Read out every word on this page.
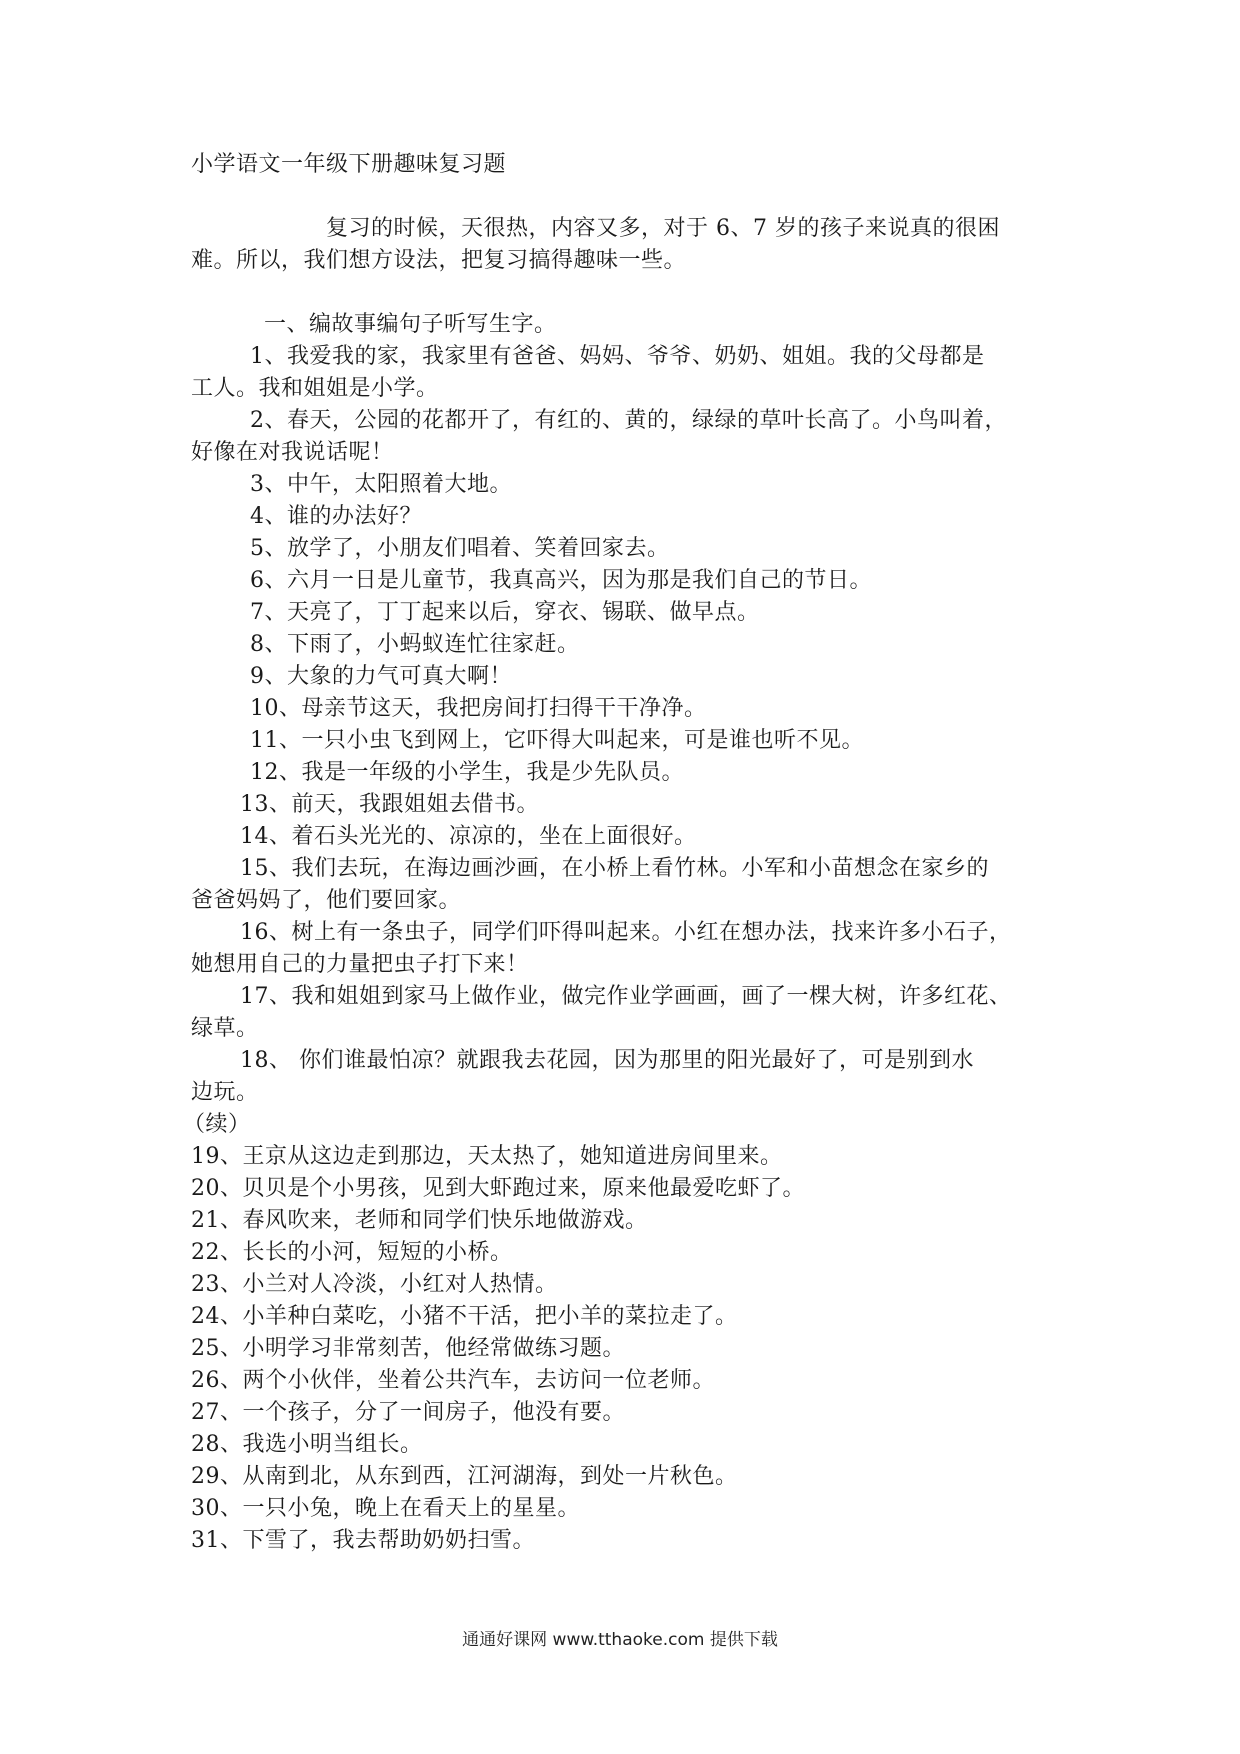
小学语文一年级下册趣味复习题
复习的时候，天很热，内容又多，对于 6、7 岁的孩子来说真的很困
难。所以，我们想方设法，把复习搞得趣味一些。
一、编故事编句子听写生字。
1、我爱我的家，我家里有爸爸、妈妈、爷爷、奶奶、姐姐。我的父母都是
工人。我和姐姐是小学。
2、春天，公园的花都开了，有红的、黄的，绿绿的草叶长高了。小鸟叫着，
好像在对我说话呢！
3、中午，太阳照着大地。
4、谁的办法好？
5、放学了，小朋友们唱着、笑着回家去。
6、六月一日是儿童节，我真高兴，因为那是我们自己的节日。
7、天亮了，丁丁起来以后，穿衣、锡联、做早点。
8、下雨了，小蚂蚁连忙往家赶。
9、大象的力气可真大啊！
10、母亲节这天，我把房间打扫得干干净净。
11、一只小虫飞到网上，它吓得大叫起来，可是谁也听不见。
12、我是一年级的小学生，我是少先队员。
13、前天，我跟姐姐去借书。
14、着石头光光的、凉凉的，坐在上面很好。
15、我们去玩，在海边画沙画，在小桥上看竹林。小军和小苗想念在家乡的
爸爸妈妈了，他们要回家。
16、树上有一条虫子，同学们吓得叫起来。小红在想办法，找来许多小石子，
她想用自己的力量把虫子打下来！
17、我和姐姐到家马上做作业，做完作业学画画，画了一棵大树，许多红花、
绿草。
18、 你们谁最怕凉？就跟我去花园，因为那里的阳光最好了，可是别到水
边玩。
（续）
19、王京从这边走到那边，天太热了，她知道进房间里来。
20、贝贝是个小男孩，见到大虾跑过来，原来他最爱吃虾了。
21、春风吹来，老师和同学们快乐地做游戏。
22、长长的小河，短短的小桥。
23、小兰对人冷淡，小红对人热情。
24、小羊种白菜吃，小猪不干活，把小羊的菜拉走了。
25、小明学习非常刻苦，他经常做练习题。
26、两个小伙伴，坐着公共汽车，去访问一位老师。
27、一个孩子，分了一间房子，他没有要。
28、我选小明当组长。
29、从南到北，从东到西，江河湖海，到处一片秋色。
30、一只小兔，晚上在看天上的星星。
31、下雪了，我去帮助奶奶扫雪。
通通好课网 www.tthaoke.com 提供下载
